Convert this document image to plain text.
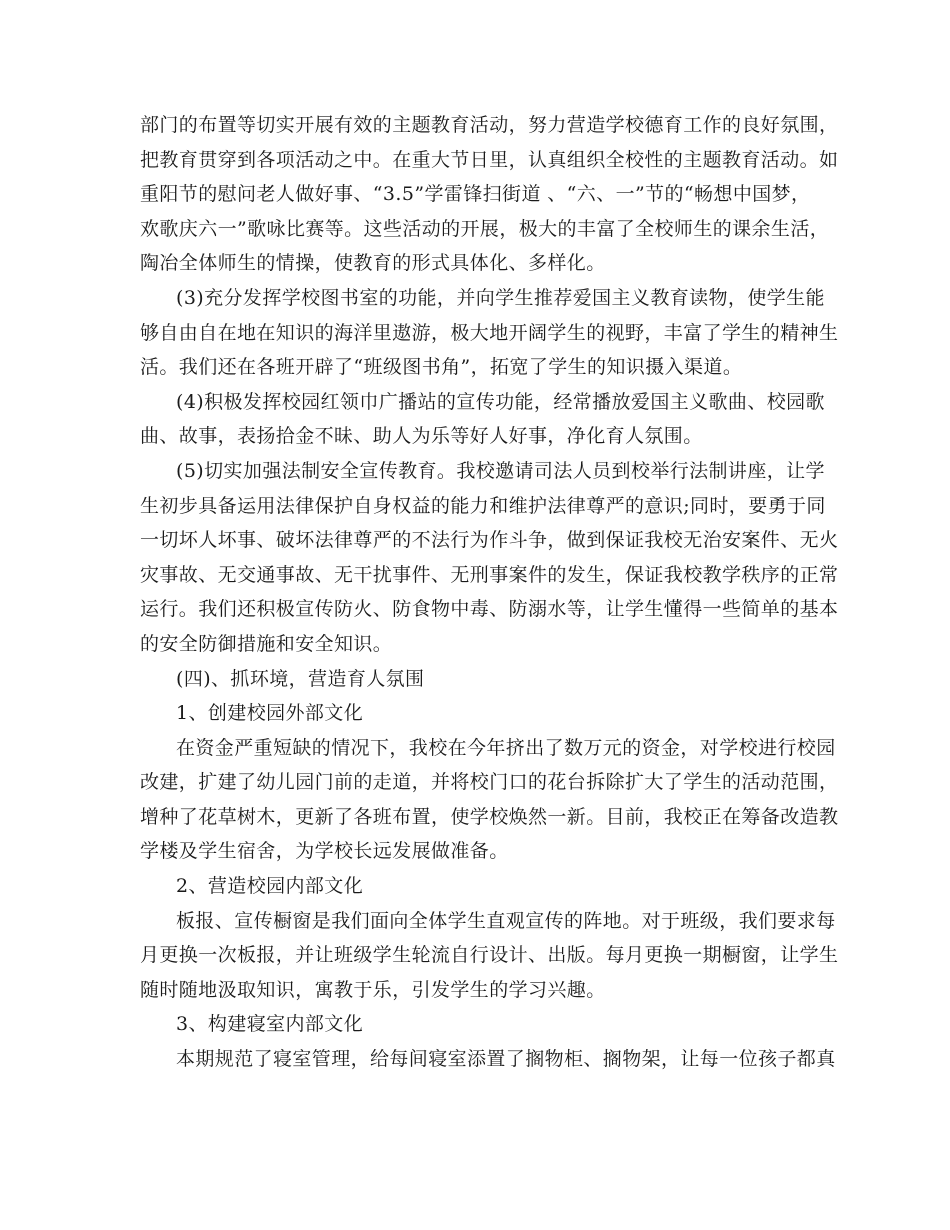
部门的布置等切实开展有效的主题教育活动，努力营造学校德育工作的良好氛围，
把教育贯穿到各项活动之中。在重大节日里，认真组织全校性的主题教育活动。如
重阳节的慰问老人做好事、“3.5”学雷锋扫街道 、“六、一”节的“畅想中国梦，
欢歌庆六一”歌咏比赛等。这些活动的开展，极大的丰富了全校师生的课余生活，
陶冶全体师生的情操，使教育的形式具体化、多样化。
(3)充分发挥学校图书室的功能，并向学生推荐爱国主义教育读物，使学生能
够自由自在地在知识的海洋里遨游，极大地开阔学生的视野，丰富了学生的精神生
活。我们还在各班开辟了“班级图书角”，拓宽了学生的知识摄入渠道。
(4)积极发挥校园红领巾广播站的宣传功能，经常播放爱国主义歌曲、校园歌
曲、故事，表扬拾金不昧、助人为乐等好人好事，净化育人氛围。
(5)切实加强法制安全宣传教育。我校邀请司法人员到校举行法制讲座，让学
生初步具备运用法律保护自身权益的能力和维护法律尊严的意识;同时，要勇于同
一切坏人坏事、破坏法律尊严的不法行为作斗争，做到保证我校无治安案件、无火
灾事故、无交通事故、无干扰事件、无刑事案件的发生，保证我校教学秩序的正常
运行。我们还积极宣传防火、防食物中毒、防溺水等，让学生懂得一些简单的基本
的安全防御措施和安全知识。
(四)、抓环境，营造育人氛围
1、创建校园外部文化
在资金严重短缺的情况下，我校在今年挤出了数万元的资金，对学校进行校园
改建，扩建了幼儿园门前的走道，并将校门口的花台拆除扩大了学生的活动范围，
增种了花草树木，更新了各班布置，使学校焕然一新。目前，我校正在筹备改造教
学楼及学生宿舍，为学校长远发展做准备。
2、营造校园内部文化
板报、宣传橱窗是我们面向全体学生直观宣传的阵地。对于班级，我们要求每
月更换一次板报，并让班级学生轮流自行设计、出版。每月更换一期橱窗，让学生
随时随地汲取知识，寓教于乐，引发学生的学习兴趣。
3、构建寝室内部文化
本期规范了寝室管理，给每间寝室添置了搁物柜、搁物架，让每一位孩子都真
